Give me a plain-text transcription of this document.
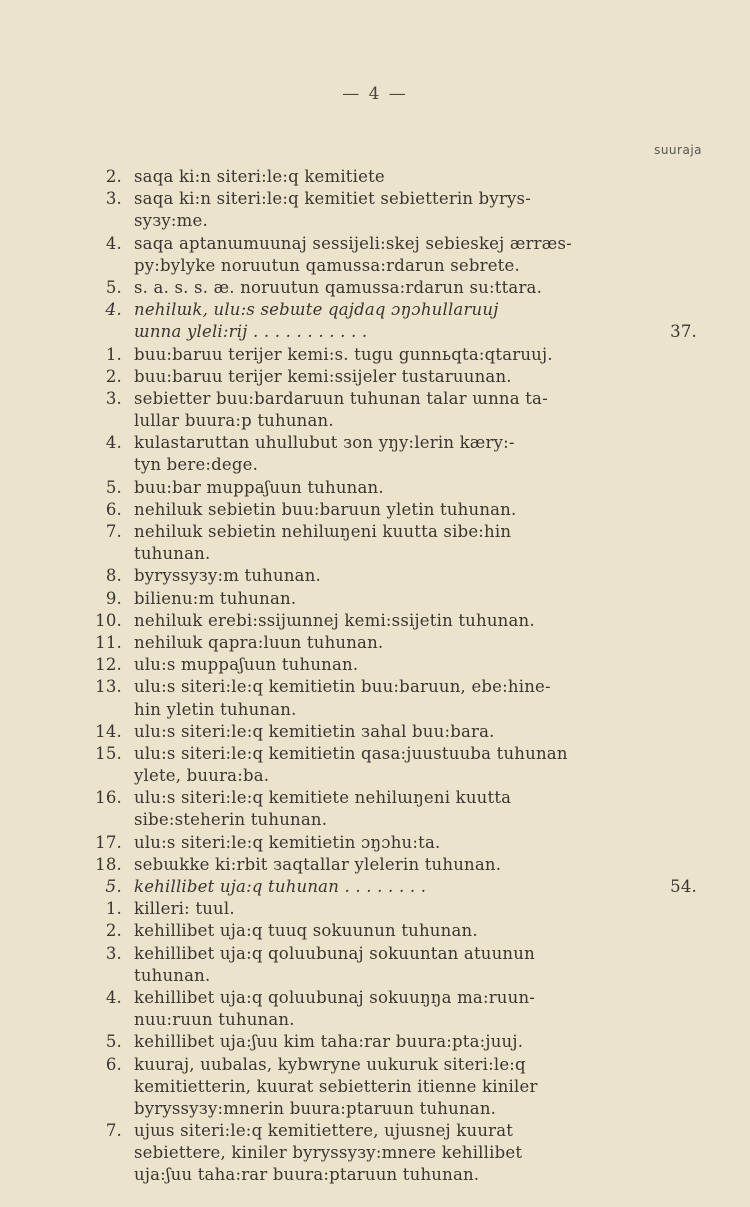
— 4 —
suuraja
2. saqa ki:n siteri:le:q kemitiete
3. saqa ki:n siteri:le:q kemitiet sebietterin byrys-
syзy:me.
4. saqa aptanɯmuunaj sessijeli:skej sebieskej ærræs-
py:bylyke noruutun qamussa:rdarun sebrete.
5. s. a. s. s. æ. noruutun qamussa:rdarun su:ttara.
4. nehilɯk, ulu:s sebɯte qajdaq ɔŋɔhullaruuj
ɯnna ylelі:rij . . . . . . . . . . .	37.
1. buu:baruu terijer kemi:s. tugu gunnьqta:qtaruuj.
2. buu:baruu terijer kemi:ssijeler tustaruunan.
3. sebietter buu:bardaruun tuhunan talar ɯnna ta-
lullar buura:p tuhunan.
4. kulastaruttan uhullubut зon yŋy:lerin kæry:-
tyn bere:dege.
5. buu:bar muppaʃuun tuhunan.
6. nehilɯk sebietin buu:baruun yletin tuhunan.
7. nehilɯk sebietin nehilɯŋeni kuutta sibe:hin
tuhunan.
8. byryssyзy:m tuhunan.
9. bilienu:m tuhunan.
10. nehilɯk erebi:ssijɯnnej kemi:ssijetin tuhunan.
11. nehilɯk qapra:luun tuhunan.
12. ulu:s muppaʃuun tuhunan.
13. ulu:s siteri:le:q kemitietin buu:baruun, ebe:hine-
hin yletin tuhunan.
14. ulu:s siteri:le:q kemitietin зahal buu:bara.
15. ulu:s siteri:le:q kemitietin qasa:juustuuba tuhunan
ylete, buura:ba.
16. ulu:s siteri:le:q kemitiete nehilɯŋeni kuutta
sibe:steherin tuhunan.
17. ulu:s siteri:le:q kemitietin ɔŋɔhu:ta.
18. sebɯkke ki:rbit зaqtallar ylelerin tuhunan.
5. kehillibet uja:q tuhunan . . . . . . . .	54.
1. killeri: tuul.
2. kehillibet uja:q tuuq sokuunun tuhunan.
3. kehillibet uja:q qoluubunaj sokuuntan atuunun
tuhunan.
4. kehillibet uja:q qoluubunaj sokuuŋŋa ma:ruun-
nuu:ruun tuhunan.
5. kehillibet uja:ʃuu kim taha:rar buura:pta:juuj.
6. kuuraj, uubalas, kybwryne uukuruk siteri:le:q
kemitietterin, kuurat sebietterin itienne kiniler
byryssyзy:mnerin buura:ptaruun tuhunan.
7. ujɯs siteri:le:q kemitiettere, ujɯsnej kuurat
sebiettere, kiniler byryssyзy:mnere kehillibet
uja:ʃuu taha:rar buura:ptaruun tuhunan.
